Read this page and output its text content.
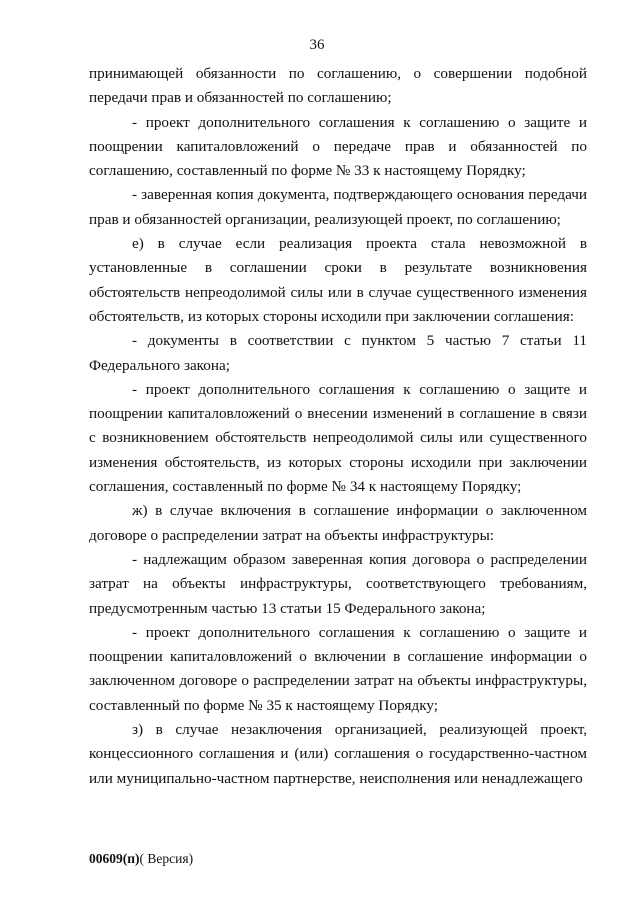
36

принимающей обязанности по соглашению, о совершении подобной передачи прав и обязанностей по соглашению;

- проект дополнительного соглашения к соглашению о защите и поощрении капиталовложений о передаче прав и обязанностей по соглашению, составленный по форме № 33 к настоящему Порядку;

- заверенная копия документа, подтверждающего основания передачи прав и обязанностей организации, реализующей проект, по соглашению;

е) в случае если реализация проекта стала невозможной в установленные в соглашении сроки в результате возникновения обстоятельств непреодолимой силы или в случае существенного изменения обстоятельств, из которых стороны исходили при заключении соглашения:

- документы в соответствии с пунктом 5 частью 7 статьи 11 Федерального закона;

- проект дополнительного соглашения к соглашению о защите и поощрении капиталовложений о внесении изменений в соглашение в связи с возникновением обстоятельств непреодолимой силы или существенного изменения обстоятельств, из которых стороны исходили при заключении соглашения, составленный по форме № 34 к настоящему Порядку;

ж) в случае включения в соглашение информации о заключенном договоре о распределении затрат на объекты инфраструктуры:

- надлежащим образом заверенная копия договора о распределении затрат на объекты инфраструктуры, соответствующего требованиям, предусмотренным частью 13 статьи 15 Федерального закона;

- проект дополнительного соглашения к соглашению о защите и поощрении капиталовложений о включении в соглашение информации о заключенном договоре о распределении затрат на объекты инфраструктуры, составленный по форме № 35 к настоящему Порядку;

з) в случае незаключения организацией, реализующей проект, концессионного соглашения и (или) соглашения о государственно-частном или муниципально-частном партнерстве, неисполнения или ненадлежащего

00609(п)( Версия)
